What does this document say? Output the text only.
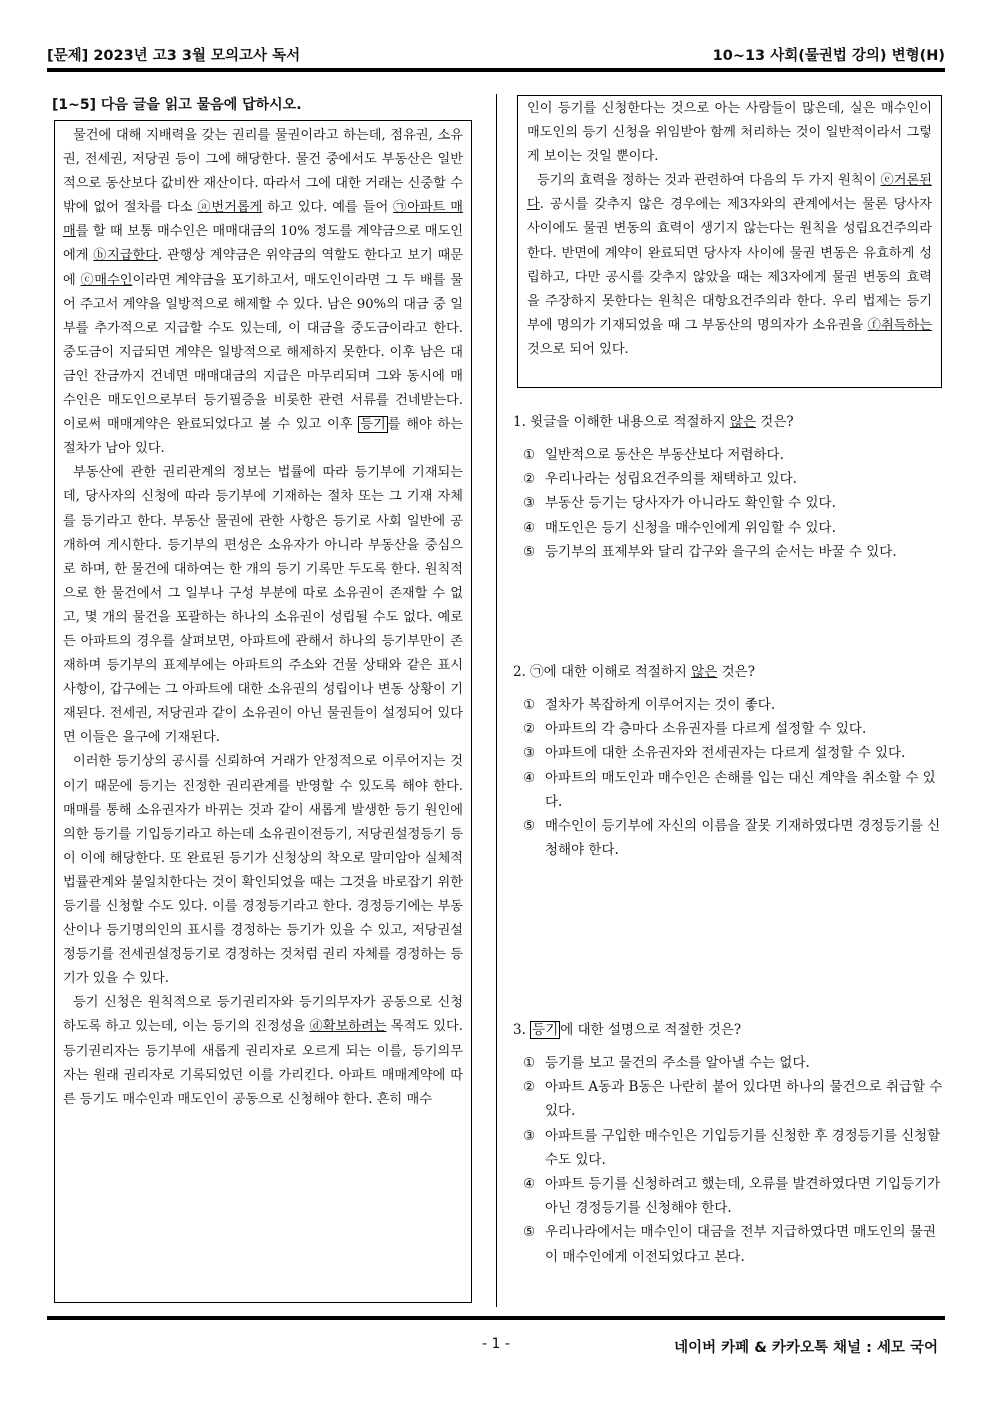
[문제] 2023년 고3 3월 모의고사 독서	10~13 사회(물권법 강의) 변형(H)
[1~5] 다음 글을 읽고 물음에 답하시오.

물건에 대해 지배력을 갖는 권리를 물권이라고 하는데, 점유권, 소유권, 전세권, 저당권 등이 그에 해당한다. 물건 중에서도 부동산은 일반적으로 동산보다 값비싼 재산이다. 따라서 그에 대한 거래는 신중할 수밖에 없어 절차를 다소 ⓐ번거롭게 하고 있다. 예를 들어 ㉠아파트 매매를 할 때 보통 매수인은 매매대금의 10% 정도를 계약금으로 매도인에게 ⓑ지급한다. 관행상 계약금은 위약금의 역할도 한다고 보기 때문에 ⓒ매수인이라면 계약금을 포기하고서, 매도인이라면 그 두 배를 물어 주고서 계약을 일방적으로 해제할 수 있다. 남은 90%의 대금 중 일부를 추가적으로 지급할 수도 있는데, 이 대금을 중도금이라고 한다. 중도금이 지급되면 계약은 일방적으로 해제하지 못한다. 이후 남은 대금인 잔금까지 건네면 매매대금의 지급은 마무리되며 그와 동시에 매수인은 매도인으로부터 등기필증을 비롯한 관련 서류를 건네받는다. 이로써 매매계약은 완료되었다고 볼 수 있고 이후 등기 를 해야 하는 절차가 남아 있다.

부동산에 관한 권리관계의 정보는 법률에 따라 등기부에 기재되는데, 당사자의 신청에 따라 등기부에 기재하는 절차 또는 그 기재 자체를 등기라고 한다. 부동산 물권에 관한 사항은 등기로 사회 일반에 공개하여 게시한다. 등기부의 편성은 소유자가 아니라 부동산을 중심으로 하며, 한 물건에 대하여는 한 개의 등기 기록만 두도록 한다. 원칙적으로 한 물건에서 그 일부나 구성 부분에 따로 소유권이 존재할 수 없고, 몇 개의 물건을 포괄하는 하나의 소유권이 성립될 수도 없다. 예로 든 아파트의 경우를 살펴보면, 아파트에 관해서 하나의 등기부만이 존재하며 등기부의 표제부에는 아파트의 주소와 건물 상태와 같은 표시 사항이, 갑구에는 그 아파트에 대한 소유권의 성립이나 변동 상황이 기재된다. 전세권, 저당권과 같이 소유권이 아닌 물권들이 설정되어 있다면 이들은 을구에 기재된다.

이러한 등기상의 공시를 신뢰하여 거래가 안정적으로 이루어지는 것이기 때문에 등기는 진정한 권리관계를 반영할 수 있도록 해야 한다. 매매를 통해 소유권자가 바뀌는 것과 같이 새롭게 발생한 등기 원인에 의한 등기를 기입등기라고 하는데 소유권이전등기, 저당권설정등기 등이 이에 해당한다. 또 완료된 등기가 신청상의 착오로 말미암아 실체적 법률관계와 불일치한다는 것이 확인되었을 때는 그것을 바로잡기 위한 등기를 신청할 수도 있다. 이를 경정등기라고 한다. 경정등기에는 부동산이나 등기명의인의 표시를 경정하는 등기가 있을 수 있고, 저당권설정등기를 전세권설정등기로 경정하는 것처럼 권리 자체를 경정하는 등기가 있을 수 있다.

등기 신청은 원칙적으로 등기권리자와 등기의무자가 공동으로 신청하도록 하고 있는데, 이는 등기의 진정성을 ⓓ확보하려는 목적도 있다. 등기권리자는 등기부에 새롭게 권리자로 오르게 되는 이를, 등기의무자는 원래 권리자로 기록되었던 이를 가리킨다. 아파트 매매계약에 따른 등기도 매수인과 매도인이 공동으로 신청해야 한다. 흔히 매수

인이 등기를 신청한다는 것으로 아는 사람들이 많은데, 실은 매수인이 매도인의 등기 신청을 위임받아 함께 처리하는 것이 일반적이라서 그렇게 보이는 것일 뿐이다.

등기의 효력을 정하는 것과 관련하여 다음의 두 가지 원칙이 ⓔ거론된다. 공시를 갖추지 않은 경우에는 제3자와의 관계에서는 물론 당사자 사이에도 물권 변동의 효력이 생기지 않는다는 원칙을 성립요건주의라 한다. 반면에 계약이 완료되면 당사자 사이에 물권 변동은 유효하게 성립하고, 다만 공시를 갖추지 않았을 때는 제3자에게 물권 변동의 효력을 주장하지 못한다는 원칙은 대항요건주의라 한다. 우리 법제는 등기부에 명의가 기재되었을 때 그 부동산의 명의자가 소유권을 ⓕ취득하는 것으로 되어 있다.

1. 윗글을 이해한 내용으로 적절하지 않은 것은?

① 일반적으로 동산은 부동산보다 저렴하다.
② 우리나라는 성립요건주의를 채택하고 있다.
③ 부동산 등기는 당사자가 아니라도 확인할 수 있다.
④ 매도인은 등기 신청을 매수인에게 위임할 수 있다.
⑤ 등기부의 표제부와 달리 갑구와 을구의 순서는 바꿀 수 있다.

2. ㉠에 대한 이해로 적절하지 않은 것은?

① 절차가 복잡하게 이루어지는 것이 좋다.
② 아파트의 각 층마다 소유권자를 다르게 설정할 수 있다.
③ 아파트에 대한 소유권자와 전세권자는 다르게 설정할 수 있다.
④ 아파트의 매도인과 매수인은 손해를 입는 대신 계약을 취소할 수 있다.
⑤ 매수인이 등기부에 자신의 이름을 잘못 기재하였다면 경정등기를 신청해야 한다.

3. 등기 에 대한 설명으로 적절한 것은?

① 등기를 보고 물건의 주소를 알아낼 수는 없다.
② 아파트 A동과 B동은 나란히 붙어 있다면 하나의 물건으로 취급할 수 있다.
③ 아파트를 구입한 매수인은 기입등기를 신청한 후 경정등기를 신청할 수도 있다.
④ 아파트 등기를 신청하려고 했는데, 오류를 발견하였다면 기입등기가 아닌 경정등기를 신청해야 한다.
⑤ 우리나라에서는 매수인이 대금을 전부 지급하였다면 매도인의 물권이 매수인에게 이전되었다고 본다.
- 1 -	네이버 카페 & 카카오톡 채널 : 세모 국어
